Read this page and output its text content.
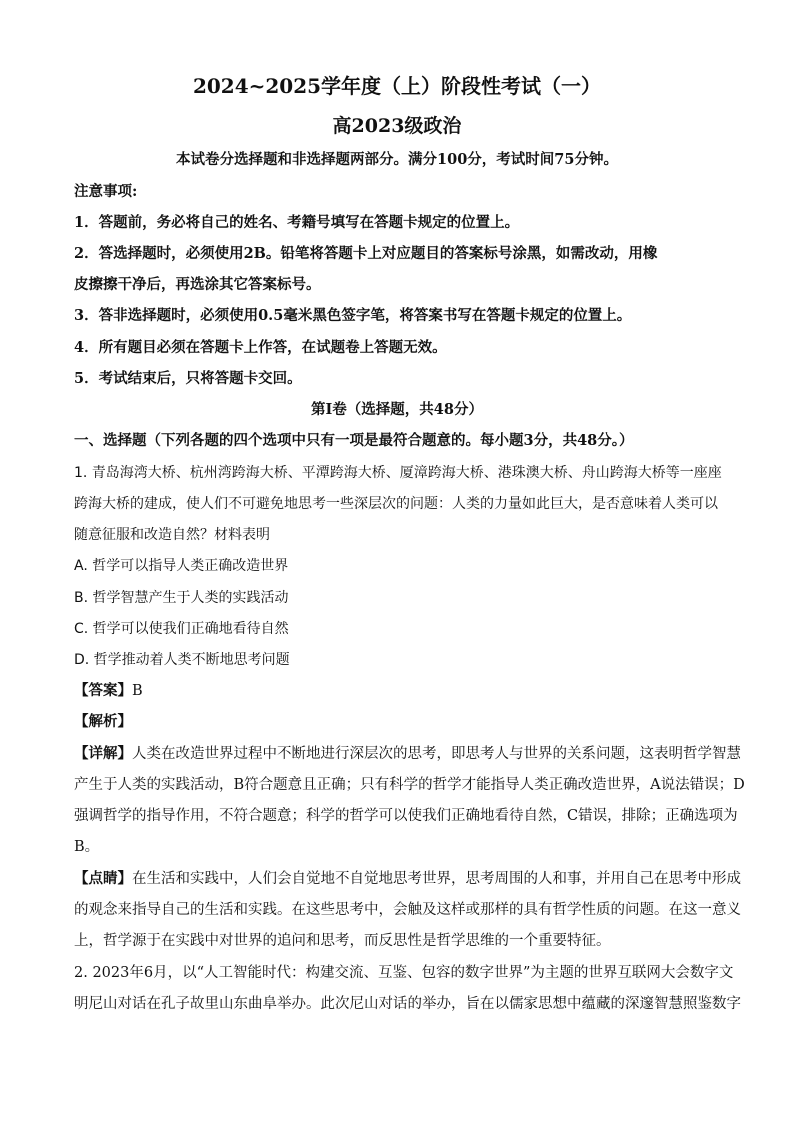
2024~2025学年度（上）阶段性考试（一）
高2023级政治
本试卷分选择题和非选择题两部分。满分100分，考试时间75分钟。
注意事项:
1．答题前，务必将自己的姓名、考籍号填写在答题卡规定的位置上。
2．答选择题时，必须使用2B。铅笔将答题卡上对应题目的答案标号涂黑，如需改动，用橡
皮擦擦干净后，再选涂其它答案标号。
3．答非选择题时，必须使用0.5毫米黑色签字笔，将答案书写在答题卡规定的位置上。
4．所有题目必须在答题卡上作答，在试题卷上答题无效。
5．考试结束后，只将答题卡交回。
第Ⅰ卷（选择题，共48分）
一、选择题（下列各题的四个选项中只有一项是最符合题意的。每小题3分，共48分。）
1. 青岛海湾大桥、杭州湾跨海大桥、平潭跨海大桥、厦漳跨海大桥、港珠澳大桥、舟山跨海大桥等一座座
跨海大桥的建成，使人们不可避免地思考一些深层次的问题：人类的力量如此巨大，是否意味着人类可以
随意征服和改造自然？材料表明
A. 哲学可以指导人类正确改造世界
B. 哲学智慧产生于人类的实践活动
C. 哲学可以使我们正确地看待自然
D. 哲学推动着人类不断地思考问题
【答案】B
【解析】
【详解】人类在改造世界过程中不断地进行深层次的思考，即思考人与世界的关系问题，这表明哲学智慧
产生于人类的实践活动，B符合题意且正确；只有科学的哲学才能指导人类正确改造世界，A说法错误；D
强调哲学的指导作用，不符合题意；科学的哲学可以使我们正确地看待自然，C错误，排除；正确选项为
B。
【点睛】在生活和实践中，人们会自觉地不自觉地思考世界，思考周围的人和事，并用自己在思考中形成
的观念来指导自己的生活和实践。在这些思考中，会触及这样或那样的具有哲学性质的问题。在这一意义
上，哲学源于在实践中对世界的追问和思考，而反思性是哲学思维的一个重要特征。
2. 2023年6月，以“人工智能时代：构建交流、互鉴、包容的数字世界”为主题的世界互联网大会数字文
明尼山对话在孔子故里山东曲阜举办。此次尼山对话的举办，旨在以儒家思想中蕴藏的深邃智慧照鉴数字
